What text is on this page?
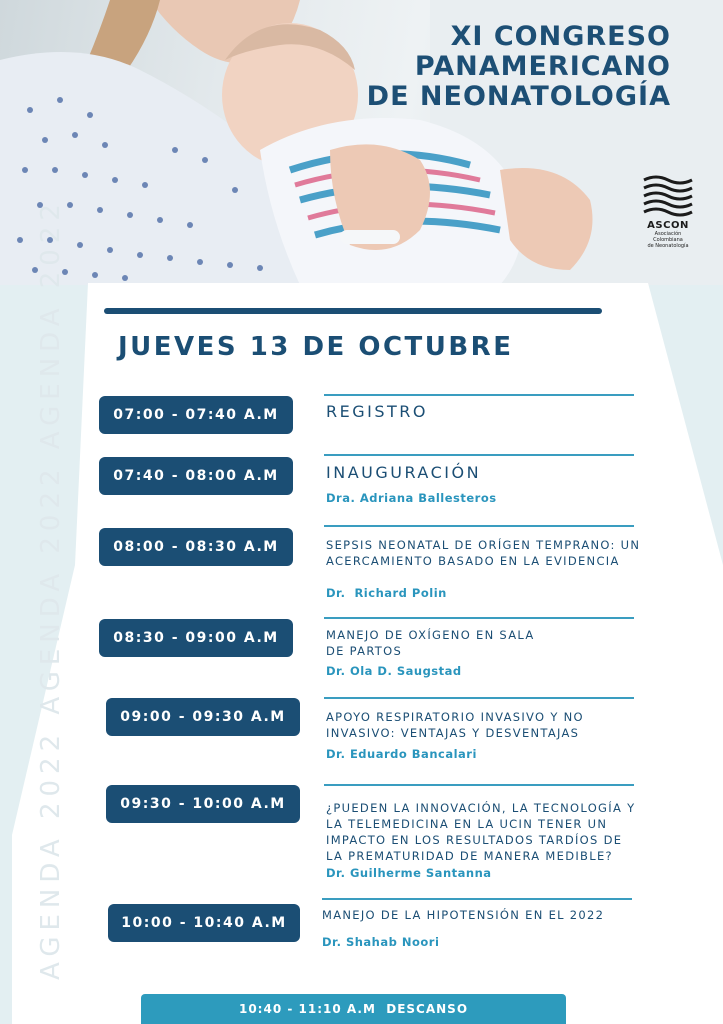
XI CONGRESO
PANAMERICANO
DE NEONATOLOGÍA
ASCON
Asociación Colombiana
de Neonatología
AGENDA 2022 AGENDA 2022 AGENDA 2022 JUEVES 13 DE OCTUBRE
07:00 - 07:40 A.M	REGISTRO
07:40 - 08:00 A.M	INAUGURACIÓN
Dra. Adriana Ballesteros
08:00 - 08:30 A.M	SEPSIS NEONATAL DE ORÍGEN TEMPRANO: UN
ACERCAMIENTO BASADO EN LA EVIDENCIA
Dr.  Richard Polin
08:30 - 09:00 A.M	MANEJO DE OXÍGENO EN SALA
DE PARTOS
Dr. Ola D. Saugstad
09:00 - 09:30 A.M	APOYO RESPIRATORIO INVASIVO Y NO
INVASIVO: VENTAJAS Y DESVENTAJAS
Dr. Eduardo Bancalari
09:30 - 10:00 A.M	¿PUEDEN LA INNOVACIÓN, LA TECNOLOGÍA Y
LA TELEMEDICINA EN LA UCIN TENER UN
IMPACTO EN LOS RESULTADOS TARDÍOS DE
LA PREMATURIDAD DE MANERA MEDIBLE?
Dr. Guilherme Santanna
10:00 - 10:40 A.M	MANEJO DE LA HIPOTENSIÓN EN EL 2022
Dr. Shahab Noori
10:40 - 11:10 A.M  DESCANSO
